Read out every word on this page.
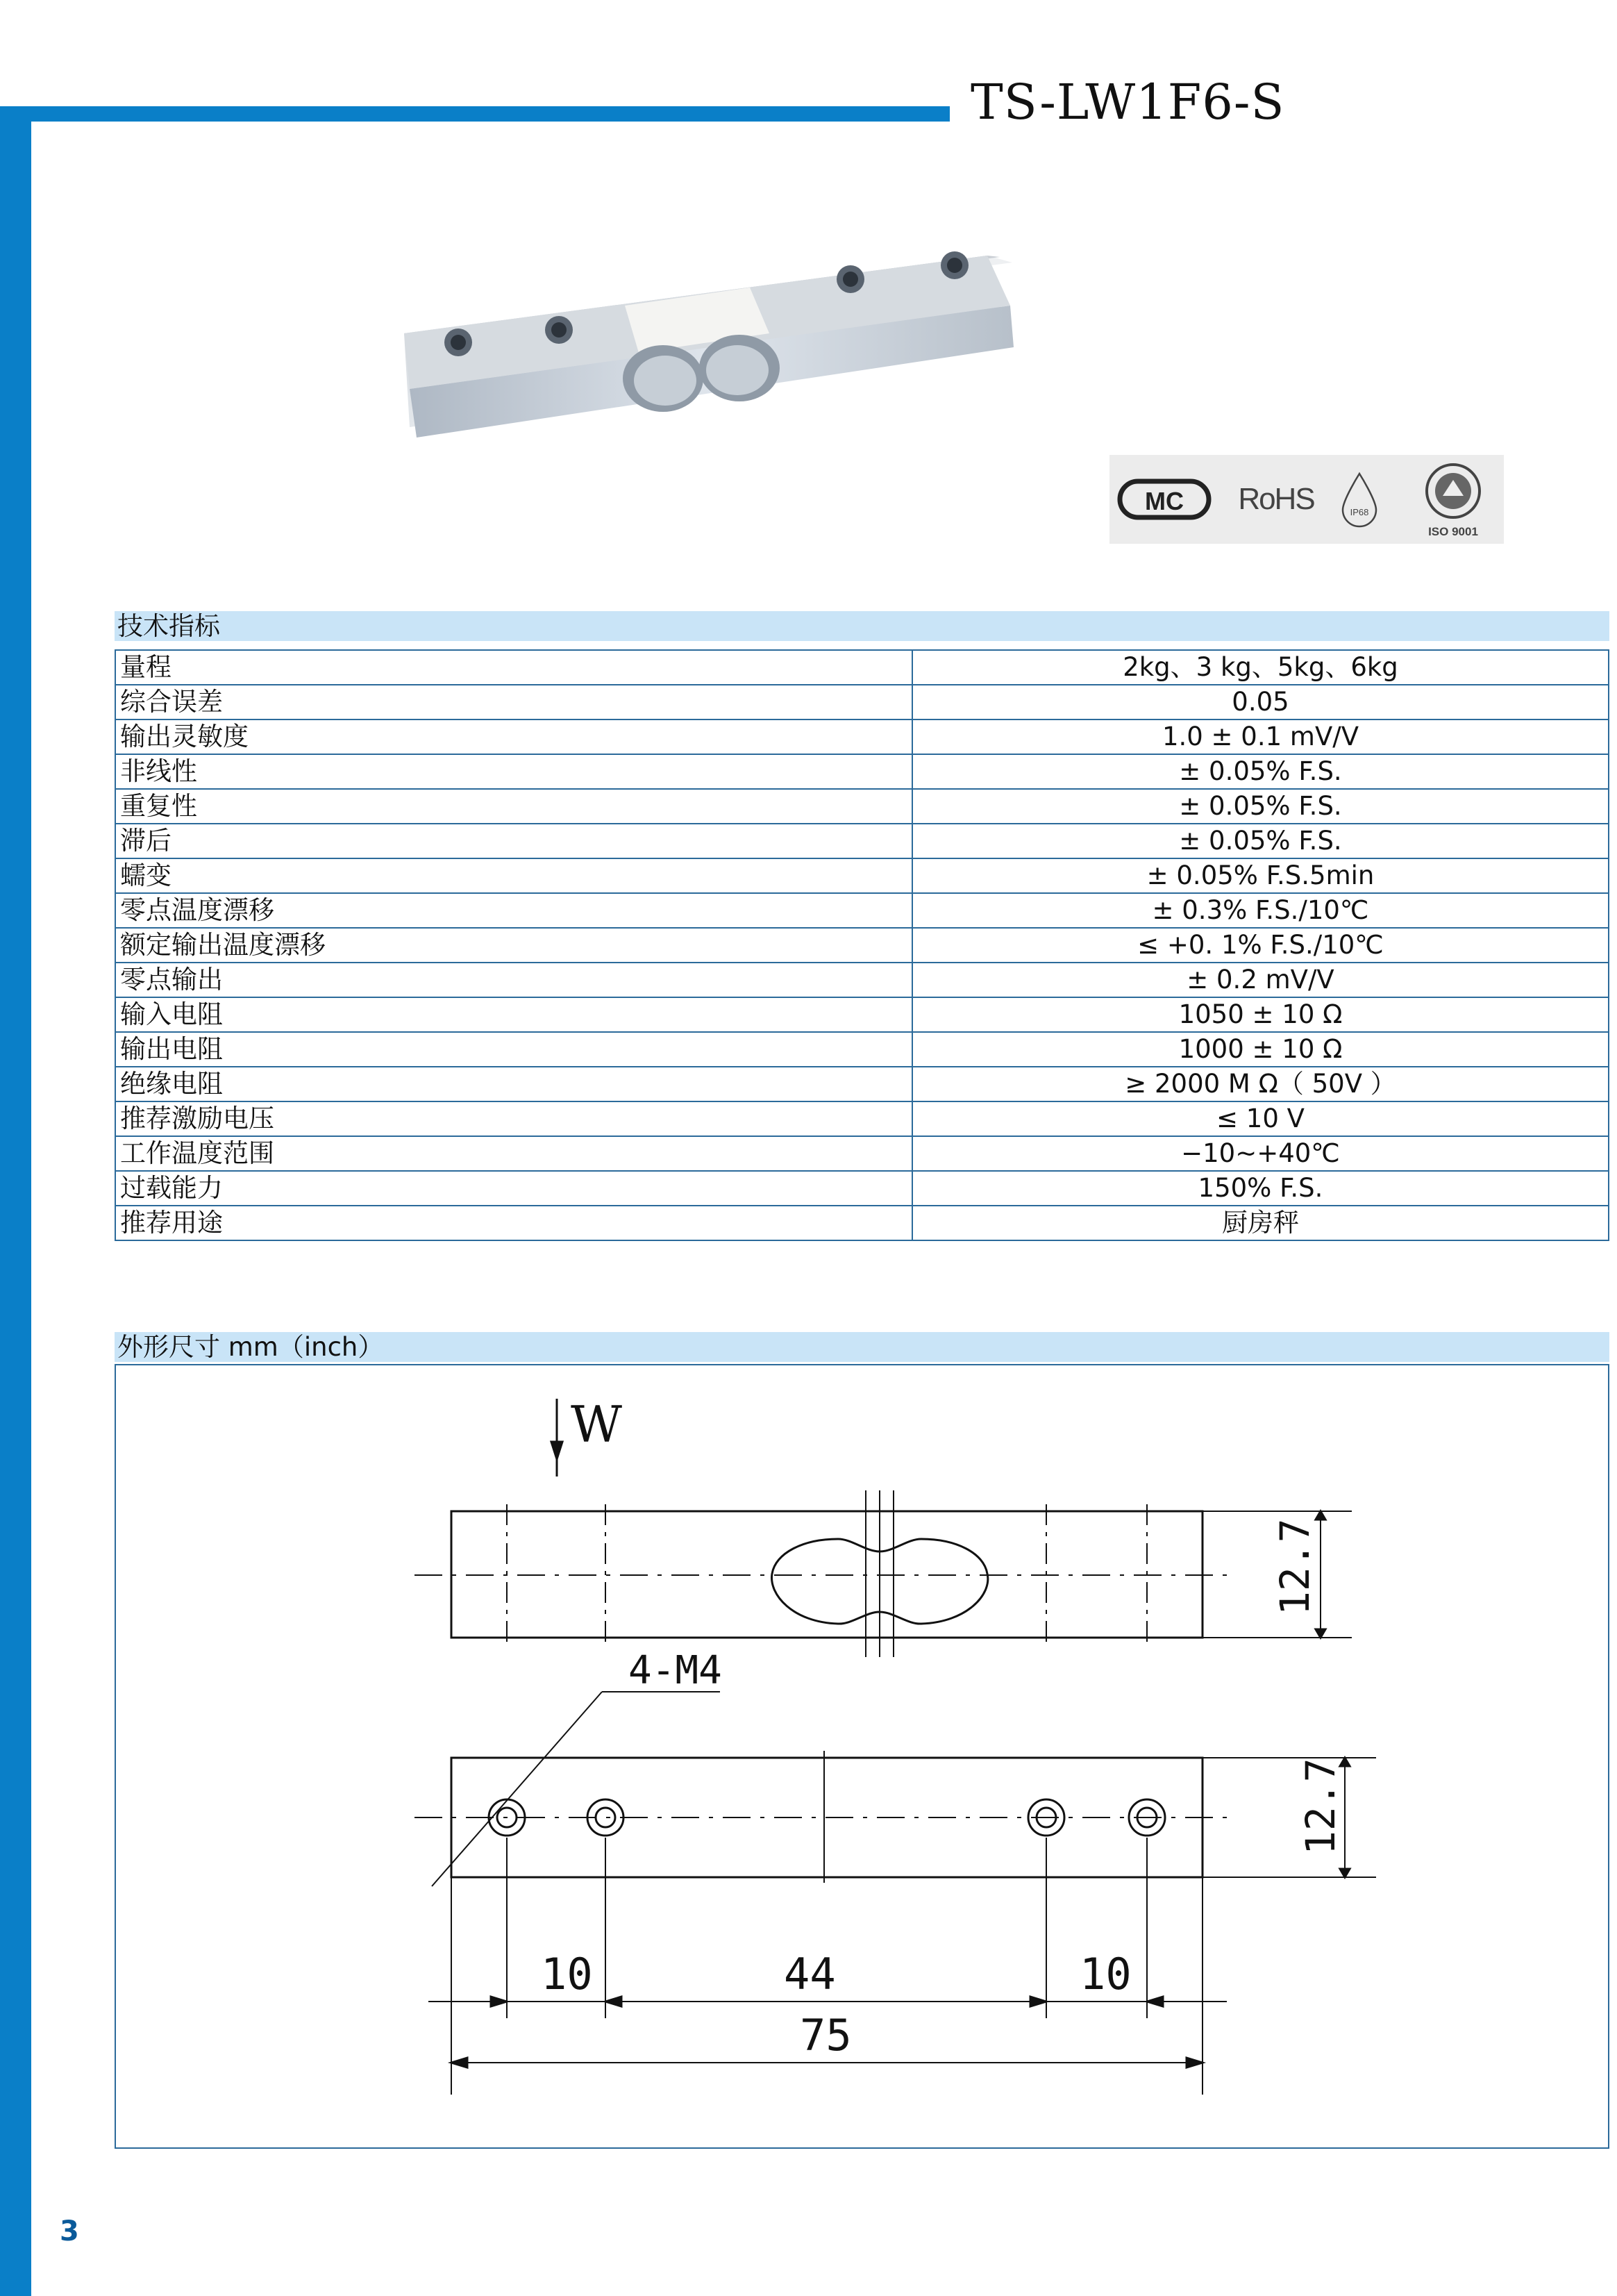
TS-LW1F6-S
MC RoHS	IP68
ISO 9001
技术指标
量程	2kg、3 kg、5kg、6kg
综合误差	0.05
输出灵敏度	1.0 ± 0.1 mV/V
非线性	± 0.05% F.S.
重复性	± 0.05% F.S.
滞后	± 0.05% F.S.
蠕变	± 0.05% F.S.5min
零点温度漂移	± 0.3% F.S./10℃
额定输出温度漂移	≤ +0. 1% F.S./10℃
零点输出	± 0.2 mV/V
输入电阻	1050 ± 10 Ω
输出电阻	1000 ± 10 Ω
绝缘电阻	≥ 2000 M Ω（ 50V ）
推荐激励电压	≤ 10 V
工作温度范围	−10~+40℃
过载能力	150% F.S.
推荐用途	厨房秤
外形尺寸 mm（inch）
W
12.7
12.7
4-M4
10	44	10
75
3
